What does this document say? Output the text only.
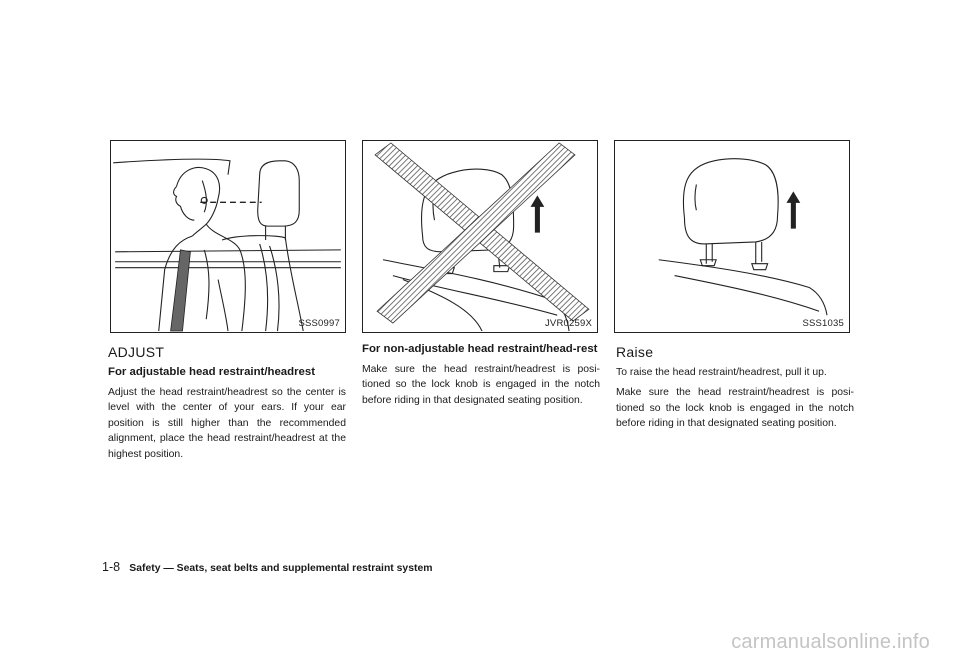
SSS0997	JVR0259X	SSS1035
ADJUST
For adjustable head restraint/headrest

Adjust the head restraint/headrest so the center is level with the center of your ears. If your ear position is still higher than the recommended alignment, place the head restraint/headrest at the highest position.

For non-adjustable head restraint/head-rest

Make sure the head restraint/headrest is posi-tioned so the lock knob is engaged in the notch before riding in that designated seating position.

Raise

To raise the head restraint/headrest, pull it up.

Make sure the head restraint/headrest is posi-tioned so the lock knob is engaged in the notch before riding in that designated seating position.

1-8 Safety — Seats, seat belts and supplemental restraint system
carmanualsonline.info
